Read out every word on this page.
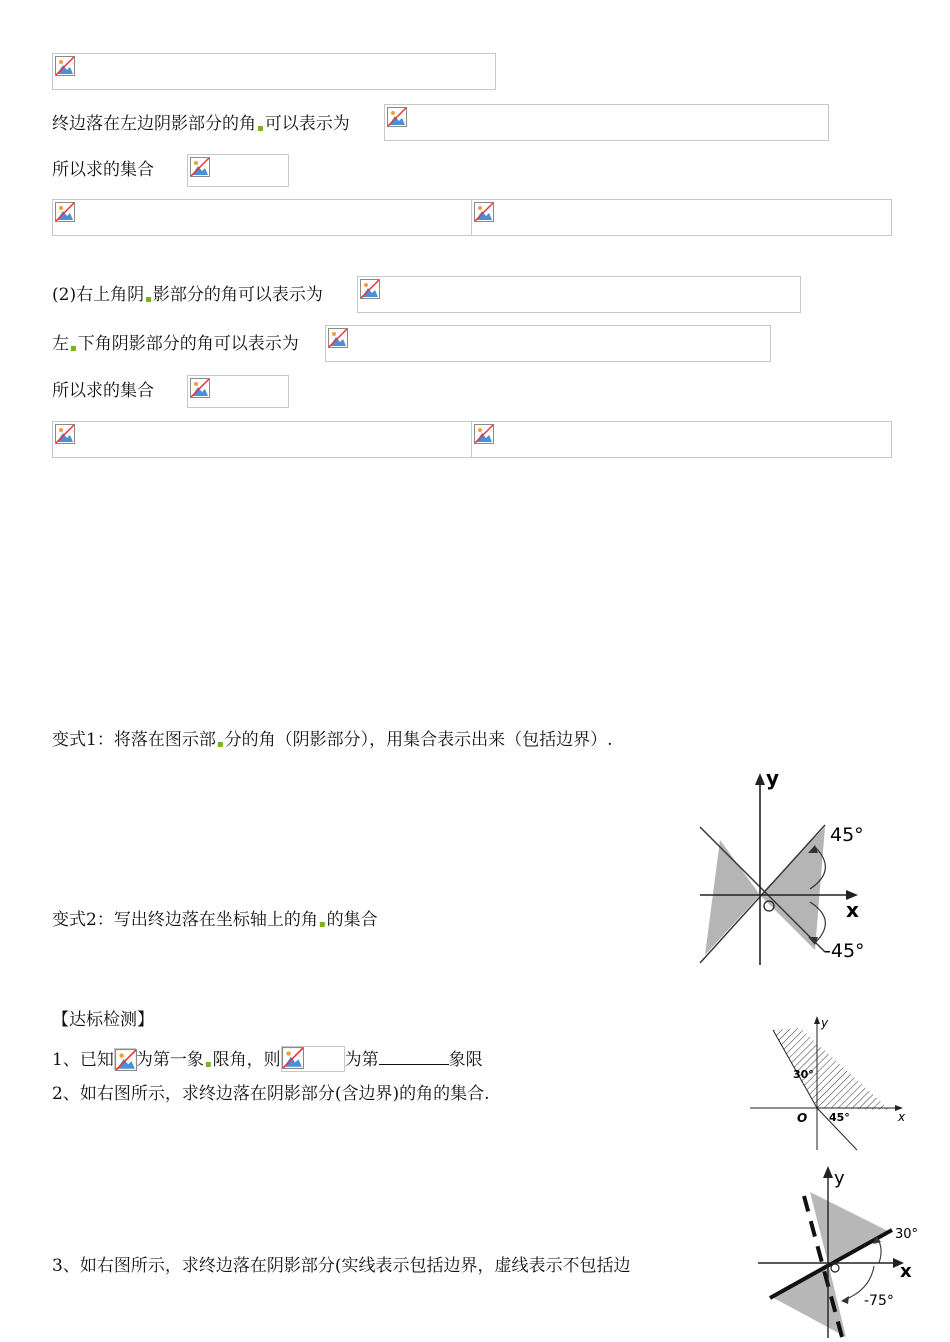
终边落在左边阴影部分的角▪可以表示为
所以求的集合
(2)右上角阴▪影部分的角可以表示为
左▪下角阴影部分的角可以表示为
所以求的集合
变式1：将落在图示部▪分的角（阴影部分），用集合表示出来（包括边界）.
y
x
45°
-45°
变式2：写出终边落在坐标轴上的角▪的集合
【达标检测】
1、已知 为第一象▪限角，则	为第	象限
2、如右图所示，求终边落在阴影部分(含边界)的角的集合.
y
x
O
30°
45°
y
x
30°
-75°
3、如右图所示，求终边落在阴影部分(实线表示包括边界，虚线表示不包括边
